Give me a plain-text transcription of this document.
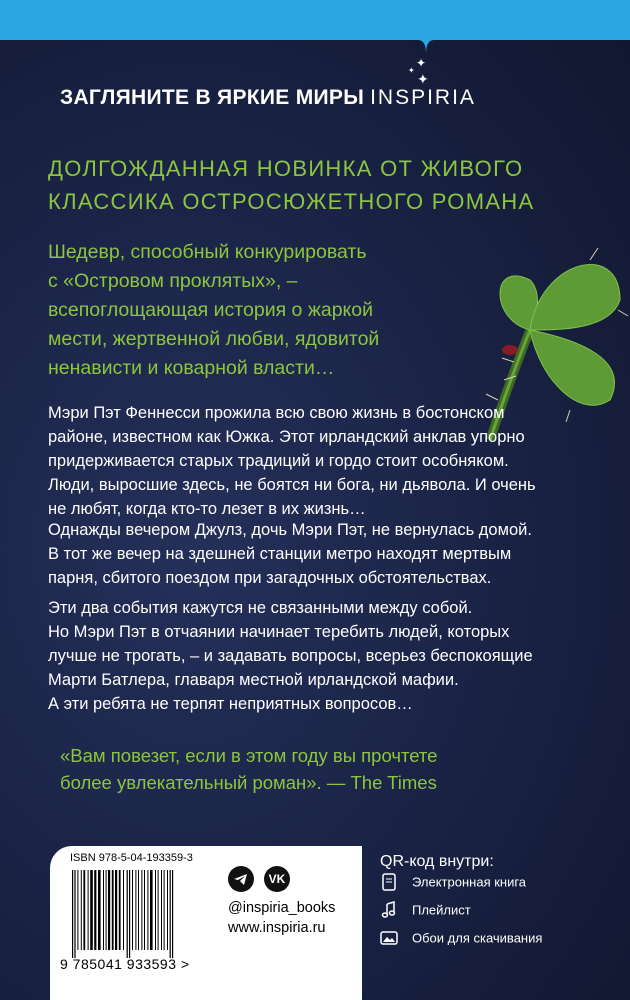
✦
✦
✦
ЗАГЛЯНИТЕ В ЯРКИЕ МИРЫ INSPIRIA
ДОЛГОЖДАННАЯ НОВИНКА ОТ ЖИВОГО
КЛАССИКА ОСТРОСЮЖЕТНОГО РОМАНА
Шедевр, способный конкурировать
с «Островом проклятых», –
всепоглощающая история о жаркой
мести, жертвенной любви, ядовитой
ненависти и коварной власти…
Мэри Пэт Феннесси прожила всю свою жизнь в бостонском
районе, известном как Южка. Этот ирландский анклав упорно
придерживается старых традиций и гордо стоит особняком.
Люди, выросшие здесь, не боятся ни бога, ни дьявола. И очень
не любят, когда кто-то лезет в их жизнь…
Однажды вечером Джулз, дочь Мэри Пэт, не вернулась домой.
В тот же вечер на здешней станции метро находят мертвым
парня, сбитого поездом при загадочных обстоятельствах.
Эти два события кажутся не связанными между собой.
Но Мэри Пэт в отчаянии начинает теребить людей, которых
лучше не трогать, – и задавать вопросы, всерьез беспокоящие
Марти Батлера, главаря местной ирландской мафии.
А эти ребята не терпят неприятных вопросов…
«Вам повезет, если в этом году вы прочтете
более увлекательный роман». — The Times
ISBN 978-5-04-193359-3
9 785041 933593 >
VK
@inspiria_books
www.inspiria.ru
QR-код внутри:
Электронная книга
Плейлист
Обои для скачивания
